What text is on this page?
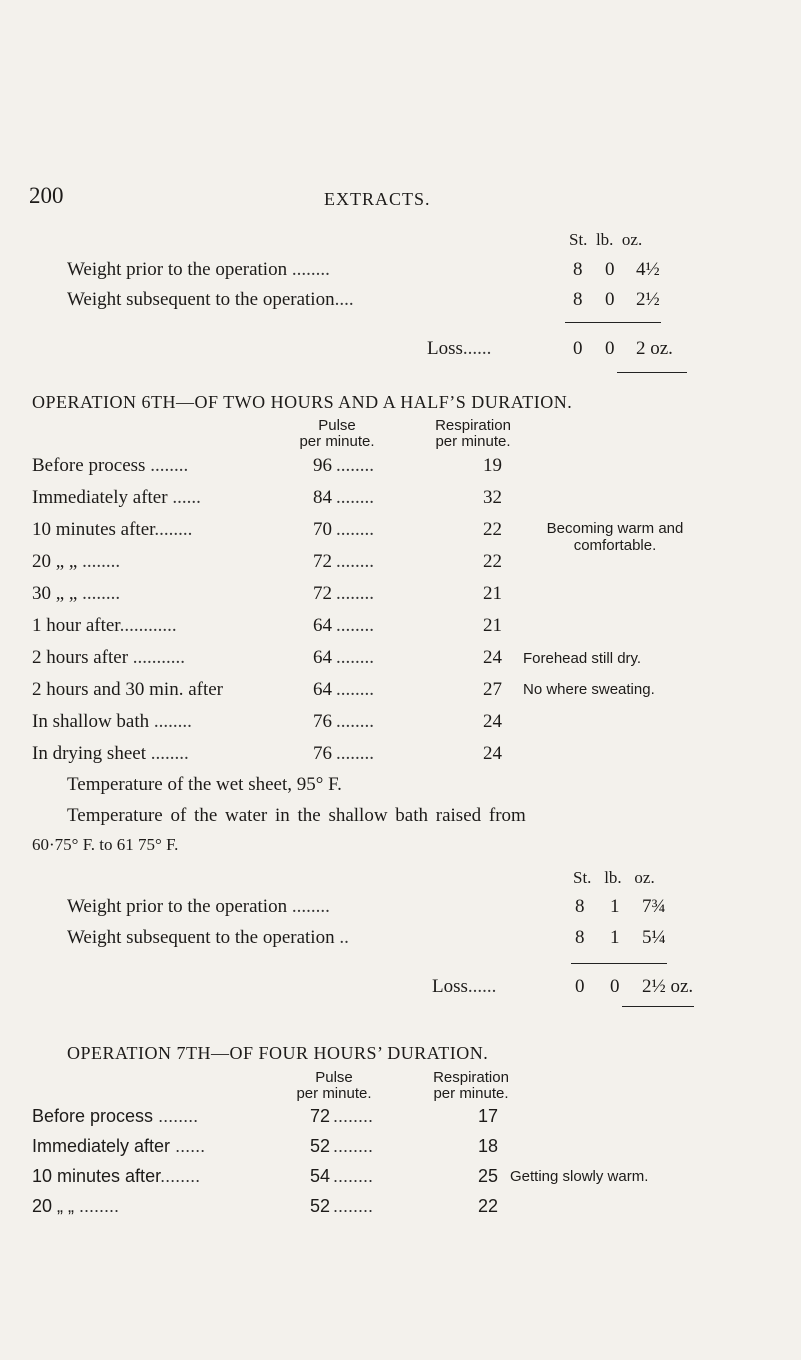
200	EXTRACTS.
St. lb. oz.
Weight prior to the operation ........	8 0 4½
Weight subsequent to the operation....	8 0 2½
Loss......	0 0 2 oz.
OPERATION 6TH—OF TWO HOURS AND A HALF’S DURATION.
Pulse
per minute.
Respiration
per minute.
Before process ........	96 ........	19
Immediately after ......	84 ........	32
10 minutes after........	70 ........	22	Becoming warm and comfortable.
20 „ „ ........	72 ........	22
30 „ „ ........	72 ........	21
1 hour after............	64 ........	21
2 hours after ...........	64 ........	24 Forehead still dry.
2 hours and 30 min. after	64 ........	27 No where sweating.
In shallow bath ........	76 ........	24
In drying sheet ........	76 ........	24
Temperature of the wet sheet, 95° F.
Temperature of the water in the shallow bath raised from
60·75° F. to 61 75° F.
St. lb. oz.
Weight prior to the operation ........	8 1 7¾
Weight subsequent to the operation ..	8 1 5¼
Loss......	0 0 2½ oz.
OPERATION 7TH—OF FOUR HOURS’ DURATION.
Pulse
per minute.
Respiration
per minute.
Before process ........	72 ........	17
Immediately after ......	52 ........	18
10 minutes after........	54 ........	25 Getting slowly warm.
20 „ „ ........	52 ........	22
